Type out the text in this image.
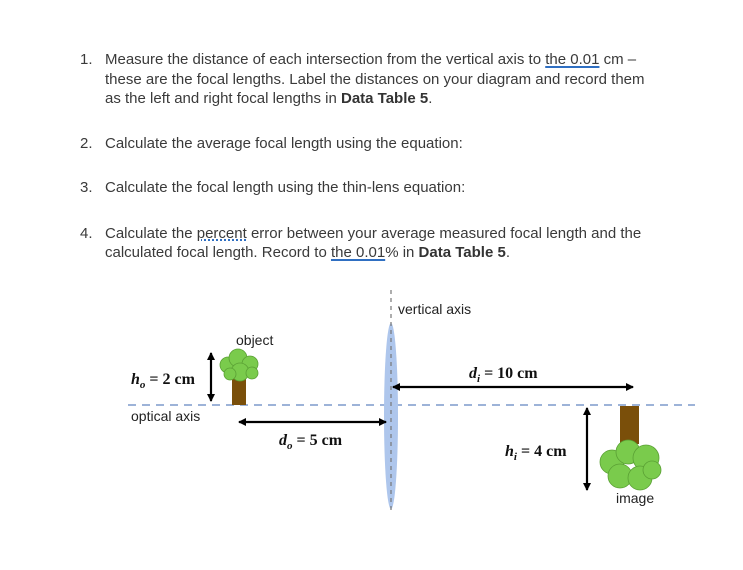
1. Measure the distance of each intersection from the vertical axis to the 0.01 cm –
these are the focal lengths. Label the distances on your diagram and record them
as the left and right focal lengths in Data Table 5.
2. Calculate the average focal length using the equation:
3. Calculate the focal length using the thin-lens equation:
4. Calculate the percent error between your average measured focal length and the
calculated focal length. Record to the 0.01% in Data Table 5.
vertical axis
object
optical axis
image
$h_o = 2$ cm
$d_o = 5$ cm
$d_i = 10$ cm
$h_i = 4$ cm
